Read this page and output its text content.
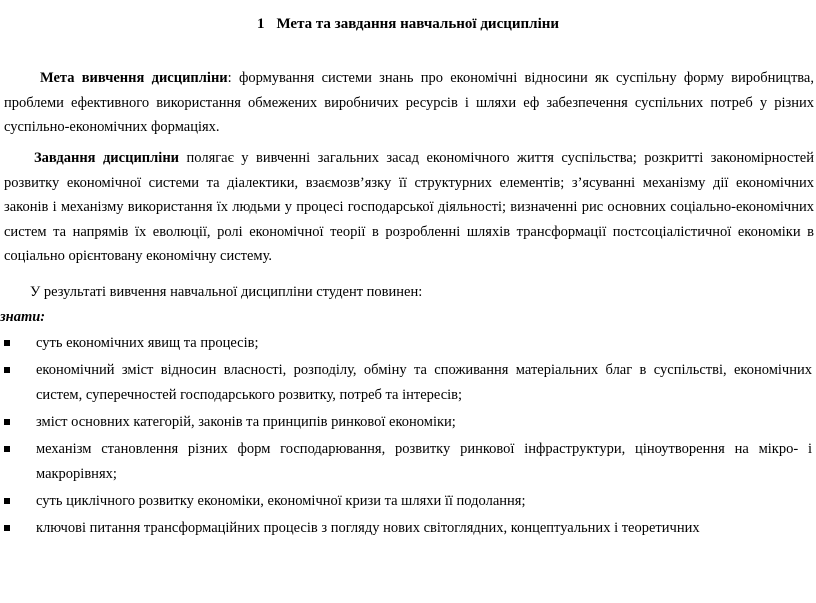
1 Мета та завдання навчальної дисципліни
Мета вивчення дисципліни: формування системи знань про економічні відносини як суспільну форму виробництва, проблеми ефективного використання обмежених виробничих ресурсів і шляхи еф забезпечення суспільних потреб у різних суспільно-економічних формаціях.
Завдання дисципліни полягає у вивченні загальних засад економічного життя суспільства; розкритті закономірностей розвитку економічної системи та діалектики, взаємозв’язку її структурних елементів; з’ясуванні механізму дії економічних законів і механізму використання їх людьми у процесі господарської діяльності; визначенні рис основних соціально-економічних систем та напрямів їх еволюції, ролі економічної теорії в розробленні шляхів трансформації постсоціалістичної економіки в соціально орієнтовану економічну систему.
У результаті вивчення навчальної дисципліни студент повинен:
знати:
суть економічних явищ та процесів;
економічний зміст відносин власності, розподілу, обміну та споживання матеріальних благ в суспільстві, економічних систем, суперечностей господарського розвитку, потреб та інтересів;
зміст основних категорій, законів та принципів ринкової економіки;
механізм становлення різних форм господарювання, розвитку ринкової інфраструктури, ціноутворення на мікро- і макрорівнях;
суть циклічного розвитку економіки, економічної кризи та шляхи її подолання;
ключові питання трансформаційних процесів з погляду нових світоглядних, концептуальних і теоретичних
